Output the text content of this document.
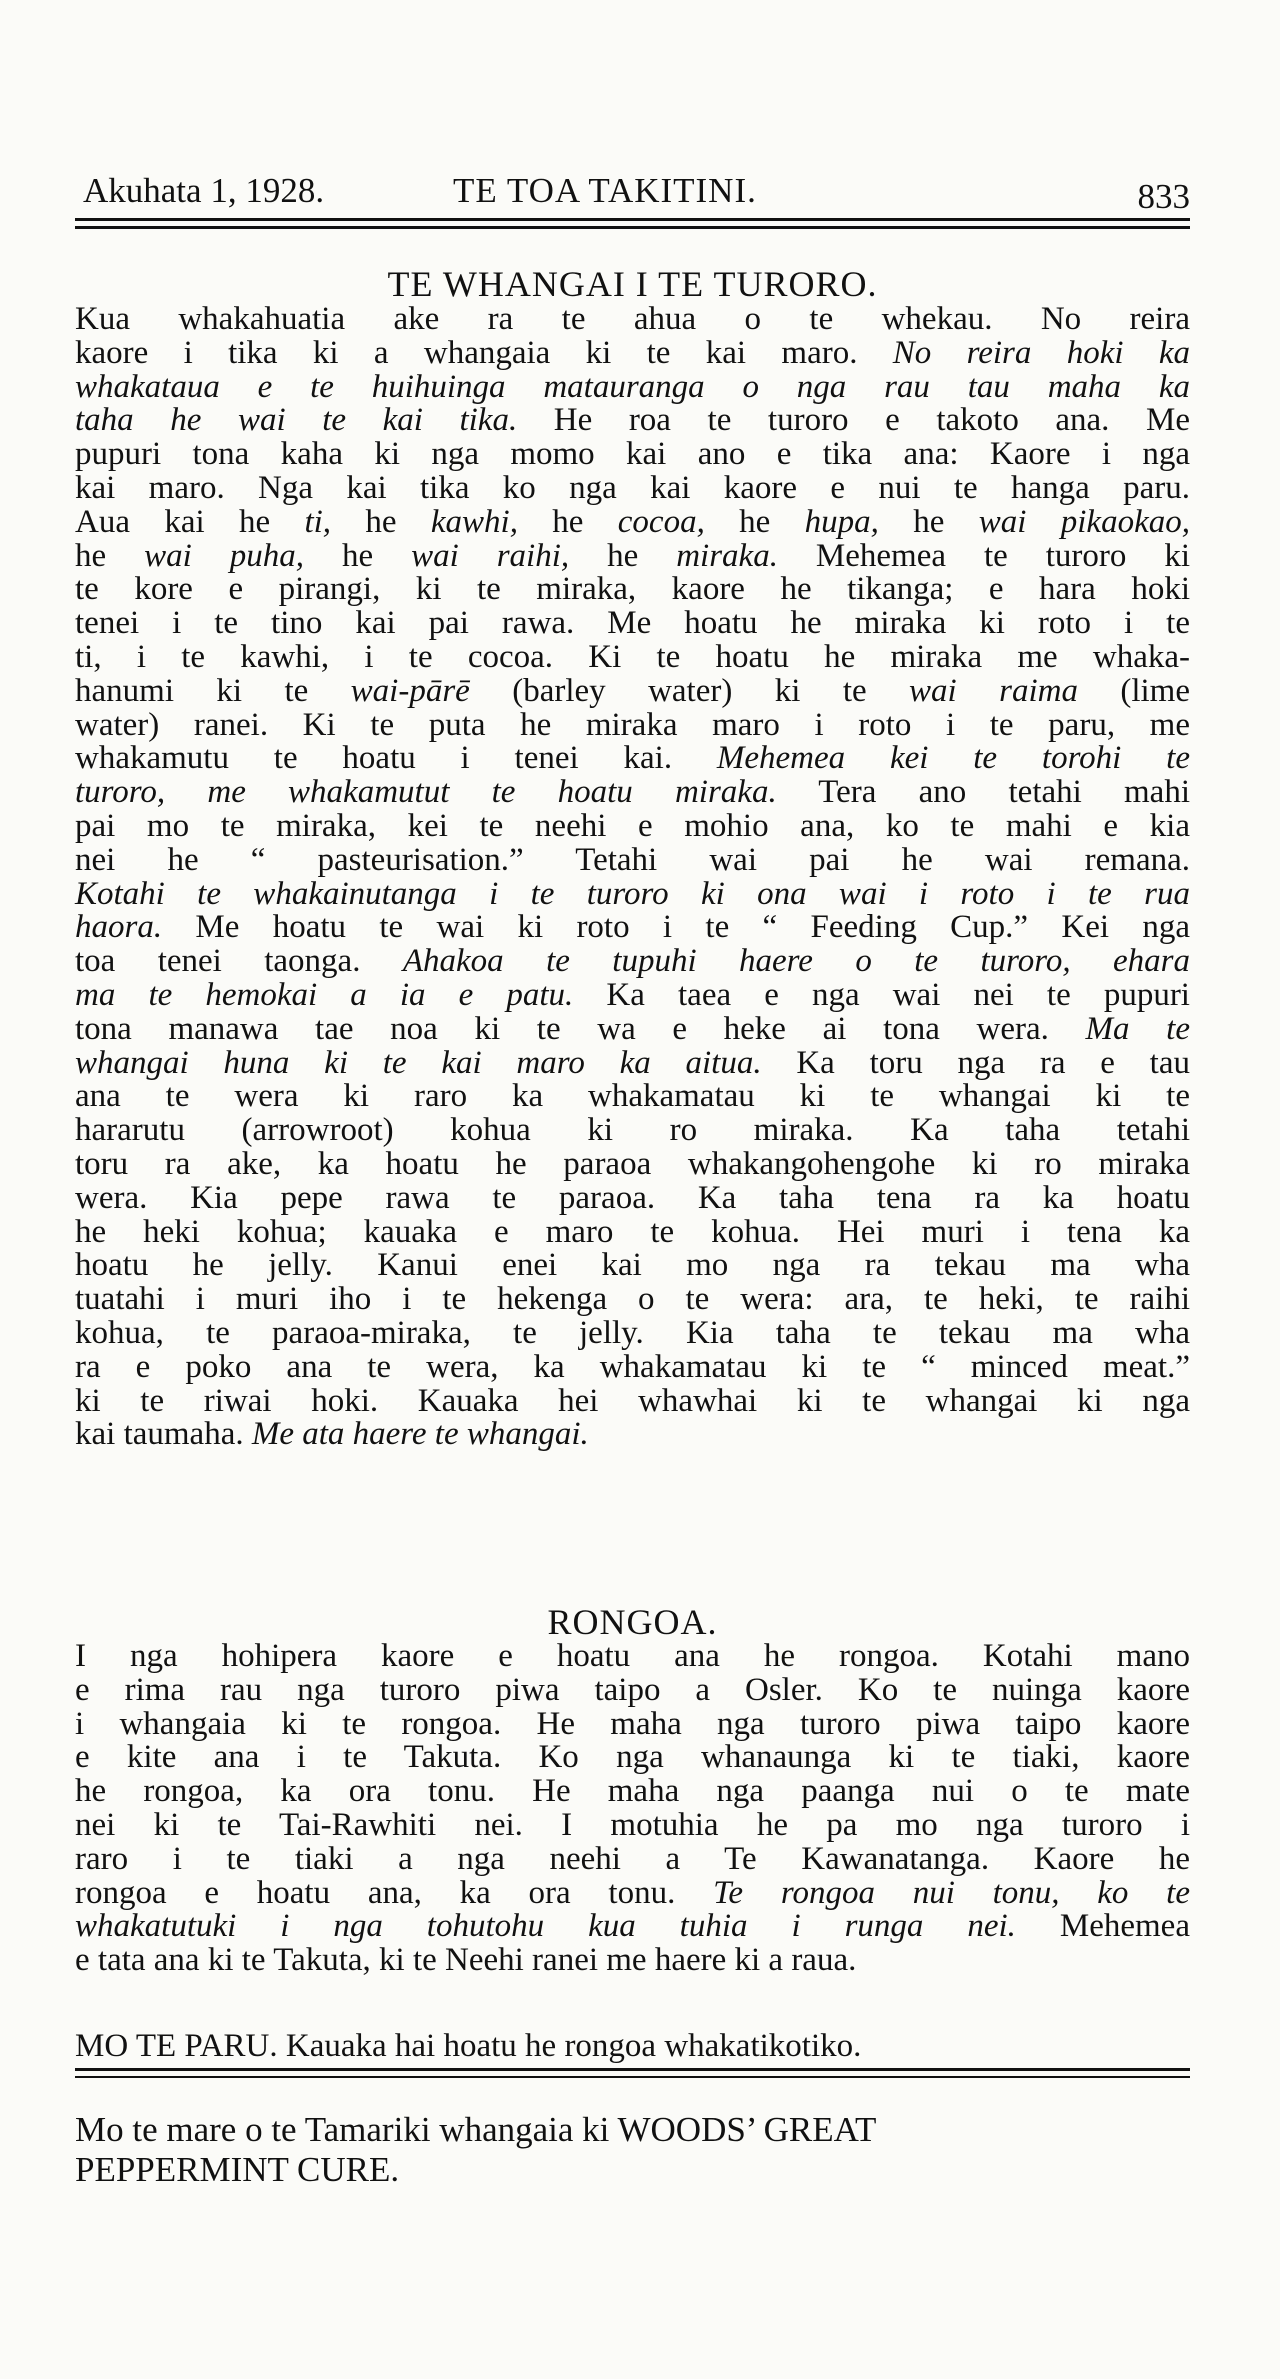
Akuhata 1, 1928.	TE TOA TAKITINI.	833
TE WHANGAI I TE TURORO.
Kua whakahuatia ake ra te ahua o te whekau. No reira
kaore i tika ki a whangaia ki te kai maro. No reira hoki ka
whakataua e te huihuinga matauranga o nga rau tau maha ka
taha he wai te kai tika. He roa te turoro e takoto ana. Me
pupuri tona kaha ki nga momo kai ano e tika ana: Kaore i nga
kai maro. Nga kai tika ko nga kai kaore e nui te hanga paru.
Aua kai he ti, he kawhi, he cocoa, he hupa, he wai pikaokao,
he wai puha, he wai raihi, he miraka. Mehemea te turoro ki
te kore e pirangi, ki te miraka, kaore he tikanga; e hara hoki
tenei i te tino kai pai rawa. Me hoatu he miraka ki roto i te
ti, i te kawhi, i te cocoa. Ki te hoatu he miraka me whaka-
hanumi ki te wai-pārē (barley water) ki te wai raima (lime
water) ranei. Ki te puta he miraka maro i roto i te paru, me
whakamutu te hoatu i tenei kai. Mehemea kei te torohi te
turoro, me whakamutut te hoatu miraka. Tera ano tetahi mahi
pai mo te miraka, kei te neehi e mohio ana, ko te mahi e kia
nei he “ pasteurisation.” Tetahi wai pai he wai remana.
Kotahi te whakainutanga i te turoro ki ona wai i roto i te rua
haora. Me hoatu te wai ki roto i te “ Feeding Cup.” Kei nga
toa tenei taonga. Ahakoa te tupuhi haere o te turoro, ehara
ma te hemokai a ia e patu. Ka taea e nga wai nei te pupuri
tona manawa tae noa ki te wa e heke ai tona wera. Ma te
whangai huna ki te kai maro ka aitua. Ka toru nga ra e tau
ana te wera ki raro ka whakamatau ki te whangai ki te
hararutu (arrowroot) kohua ki ro miraka. Ka taha tetahi
toru ra ake, ka hoatu he paraoa whakangohengohe ki ro miraka
wera. Kia pepe rawa te paraoa. Ka taha tena ra ka hoatu
he heki kohua; kauaka e maro te kohua. Hei muri i tena ka
hoatu he jelly. Kanui enei kai mo nga ra tekau ma wha
tuatahi i muri iho i te hekenga o te wera: ara, te heki, te raihi
kohua, te paraoa-miraka, te jelly. Kia taha te tekau ma wha
ra e poko ana te wera, ka whakamatau ki te “ minced meat.”
ki te riwai hoki. Kauaka hei whawhai ki te whangai ki nga
kai taumaha. Me ata haere te whangai.
RONGOA.
I nga hohipera kaore e hoatu ana he rongoa. Kotahi mano
e rima rau nga turoro piwa taipo a Osler. Ko te nuinga kaore
i whangaia ki te rongoa. He maha nga turoro piwa taipo kaore
e kite ana i te Takuta. Ko nga whanaunga ki te tiaki, kaore
he rongoa, ka ora tonu. He maha nga paanga nui o te mate
nei ki te Tai-Rawhiti nei. I motuhia he pa mo nga turoro i
raro i te tiaki a nga neehi a Te Kawanatanga. Kaore he
rongoa e hoatu ana, ka ora tonu. Te rongoa nui tonu, ko te
whakatutuki i nga tohutohu kua tuhia i runga nei. Mehemea
e tata ana ki te Takuta, ki te Neehi ranei me haere ki a raua.
MO TE PARU. Kauaka hai hoatu he rongoa whakatikotiko.
Mo te mare o te Tamariki whangaia ki WOODS’ GREAT
PEPPERMINT CURE.
